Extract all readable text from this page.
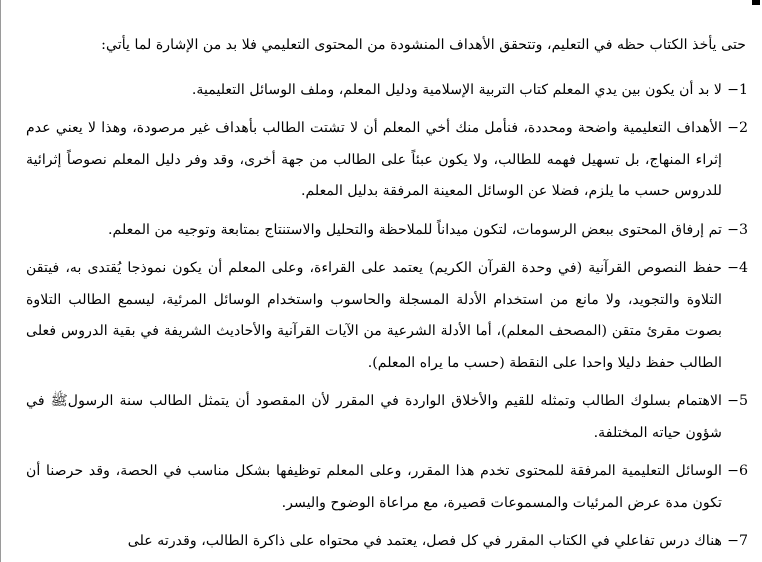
حتى يأخذ الكتاب حظه في التعليم، وتتحقق الأهداف المنشودة من المحتوى التعليمي فلا بد من الإشارة لما يأتي:

1−
لا بد أن يكون بين يدي المعلم كتاب التربية الإسلامية ودليل المعلم، وملف الوسائل التعليمية.
2−
الأهداف التعليمية واضحة ومحددة، فنأمل منك أخي المعلم أن لا تشتت الطالب بأهداف غير مرصودة، وهذا لا يعني عدم إثراء المنهاج، بل تسهيل فهمه للطالب، ولا يكون عبئاً على الطالب من جهة أخرى، وقد وفر دليل المعلم نصوصاً إثرائية للدروس حسب ما يلزم، فضلا عن الوسائل المعينة المرفقة بدليل المعلم.
3−
تم إرفاق المحتوى ببعض الرسومات، لتكون ميداناً للملاحظة والتحليل والاستنتاج بمتابعة وتوجيه من المعلم.
4−
حفظ النصوص القرآنية (في وحدة القرآن الكريم) يعتمد على القراءة، وعلى المعلم أن يكون نموذجا يُقتدى به، فيتقن التلاوة والتجويد، ولا مانع من استخدام الأدلة المسجلة والحاسوب واستخدام الوسائل المرئية، ليسمع الطالب التلاوة بصوت مقرئ متقن (المصحف المعلم)، أما الأدلة الشرعية من الآيات القرآنية والأحاديث الشريفة في بقية الدروس فعلى الطالب حفظ دليلا واحدا على النقطة (حسب ما يراه المعلم).
5−
الاهتمام بسلوك الطالب وتمثله للقيم والأخلاق الواردة في المقرر لأن المقصود أن يتمثل الطالب سنة الرسولﷺ في شؤون حياته المختلفة.
6−
الوسائل التعليمية المرفقة للمحتوى تخدم هذا المقرر، وعلى المعلم توظيفها بشكل مناسب في الحصة، وقد حرصنا أن تكون مدة عرض المرئيات والمسموعات قصيرة، مع مراعاة الوضوح واليسر.
7−
هناك درس تفاعلي في الكتاب المقرر في كل فصل، يعتمد في محتواه على ذاكرة الطالب، وقدرته على
